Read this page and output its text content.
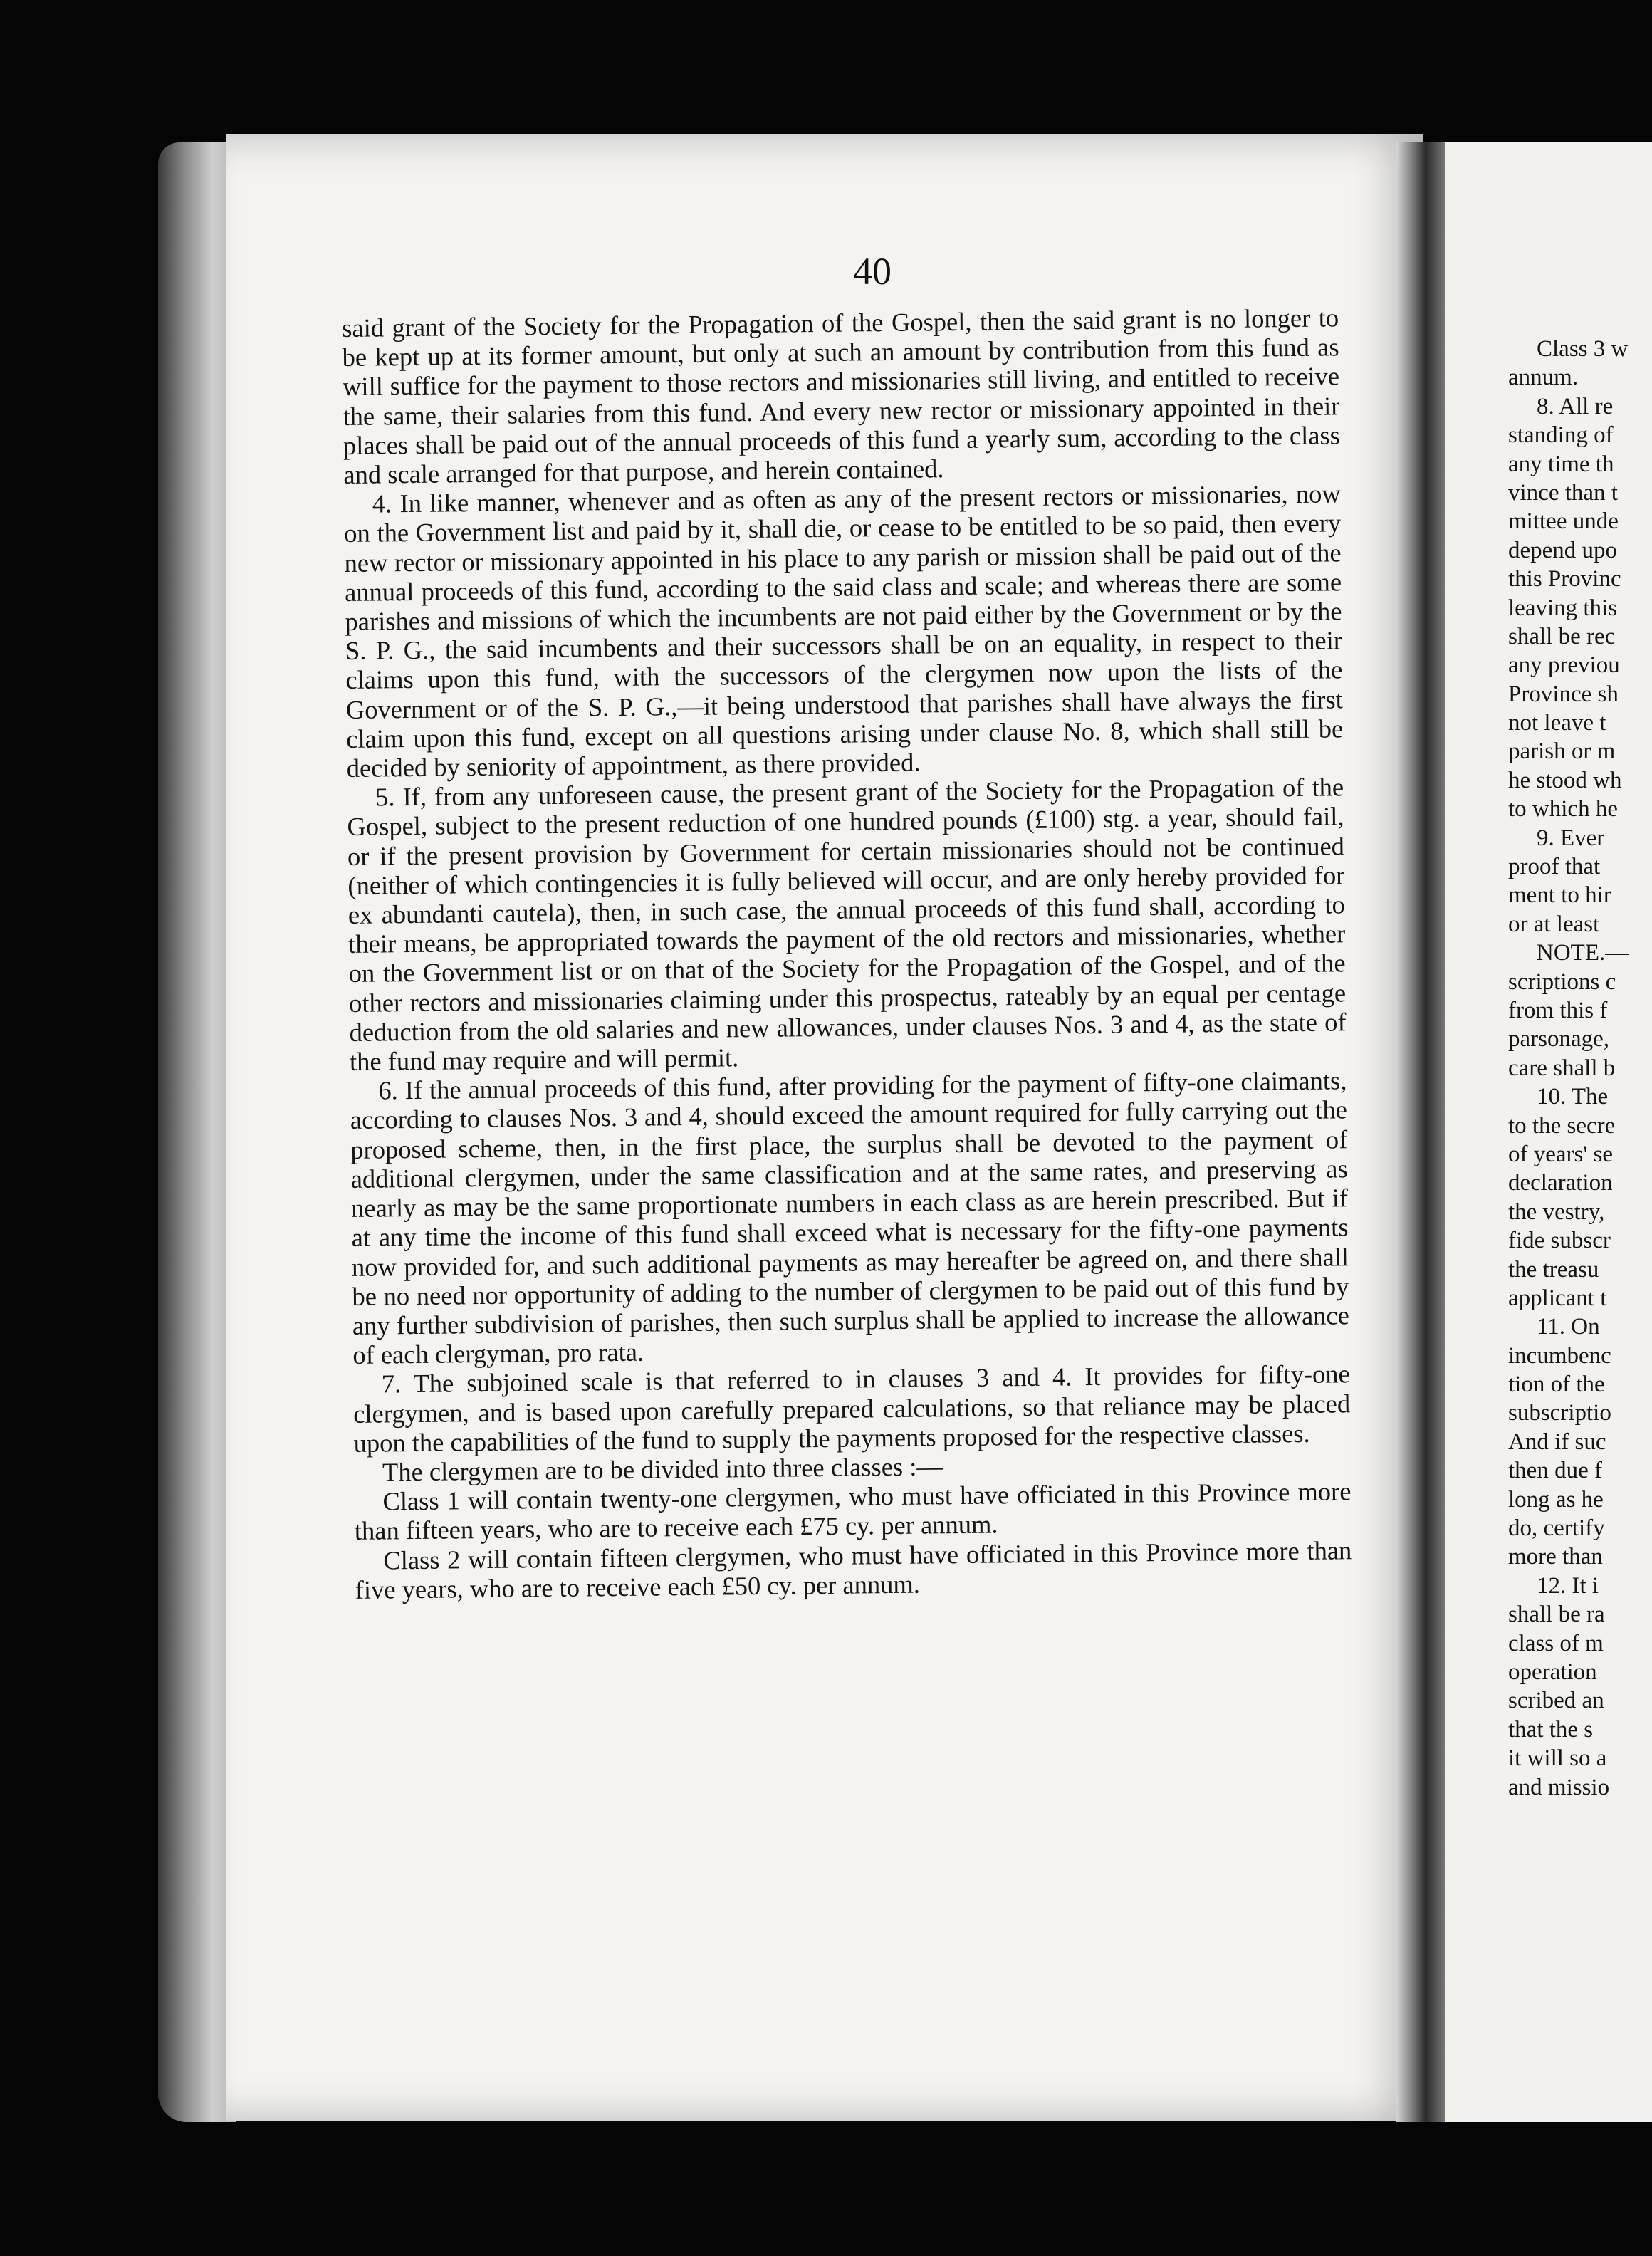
40

said grant of the Society for the Propagation of the Gospel, then the said grant is no longer to be kept up at its former amount, but only at such an amount by contribution from this fund as will suffice for the payment to those rectors and missionaries still living, and entitled to receive the same, their salaries from this fund. And every new rector or missionary appointed in their places shall be paid out of the annual proceeds of this fund a yearly sum, according to the class and scale arranged for that purpose, and herein contained.

4. In like manner, whenever and as often as any of the present rectors or missionaries, now on the Government list and paid by it, shall die, or cease to be entitled to be so paid, then every new rector or missionary appointed in his place to any parish or mission shall be paid out of the annual proceeds of this fund, according to the said class and scale; and whereas there are some parishes and missions of which the incumbents are not paid either by the Government or by the S. P. G., the said incumbents and their successors shall be on an equality, in respect to their claims upon this fund, with the successors of the clergymen now upon the lists of the Government or of the S. P. G.,—it being understood that parishes shall have always the first claim upon this fund, except on all questions arising under clause No. 8, which shall still be decided by seniority of appointment, as there provided.

5. If, from any unforeseen cause, the present grant of the Society for the Propagation of the Gospel, subject to the present reduction of one hundred pounds (£100) stg. a year, should fail, or if the present provision by Government for certain missionaries should not be continued (neither of which contingencies it is fully believed will occur, and are only hereby provided for ex abundanti cautela), then, in such case, the annual proceeds of this fund shall, according to their means, be appropriated towards the payment of the old rectors and missionaries, whether on the Government list or on that of the Society for the Propagation of the Gospel, and of the other rectors and missionaries claiming under this prospectus, rateably by an equal per centage deduction from the old salaries and new allowances, under clauses Nos. 3 and 4, as the state of the fund may require and will permit.

6. If the annual proceeds of this fund, after providing for the payment of fifty-one claimants, according to clauses Nos. 3 and 4, should exceed the amount required for fully carrying out the proposed scheme, then, in the first place, the surplus shall be devoted to the payment of additional clergymen, under the same classification and at the same rates, and preserving as nearly as may be the same proportionate numbers in each class as are herein prescribed. But if at any time the income of this fund shall exceed what is necessary for the fifty-one payments now provided for, and such additional payments as may hereafter be agreed on, and there shall be no need nor opportunity of adding to the number of clergymen to be paid out of this fund by any further subdivision of parishes, then such surplus shall be applied to increase the allowance of each clergyman, pro rata.

7. The subjoined scale is that referred to in clauses 3 and 4. It provides for fifty-one clergymen, and is based upon carefully prepared calculations, so that reliance may be placed upon the capabilities of the fund to supply the payments proposed for the respective classes.

The clergymen are to be divided into three classes :—

Class 1 will contain twenty-one clergymen, who must have officiated in this Province more than fifteen years, who are to receive each £75 cy. per annum.

Class 2 will contain fifteen clergymen, who must have officiated in this Province more than five years, who are to receive each £50 cy. per annum.

Class 3 w
annum.
8. All re
standing of
any time th
vince than t
mittee unde
depend upo
this Provinc
leaving this
shall be rec
any previou
Province sh
not leave t
parish or m
he stood wh
to which he
9. Ever
proof that
ment to hir
or at least
NOTE.—
scriptions c
from this f
parsonage,
care shall b
10. The
to the secre
of years' se
declaration
the vestry,
fide subscr
the treasu
applicant t
11. On
incumbenc
tion of the
subscriptio
And if suc
then due f
long as he
do, certify
more than
12. It i
shall be ra
class of m
operation
scribed an
that the s
it will so a
and missio
